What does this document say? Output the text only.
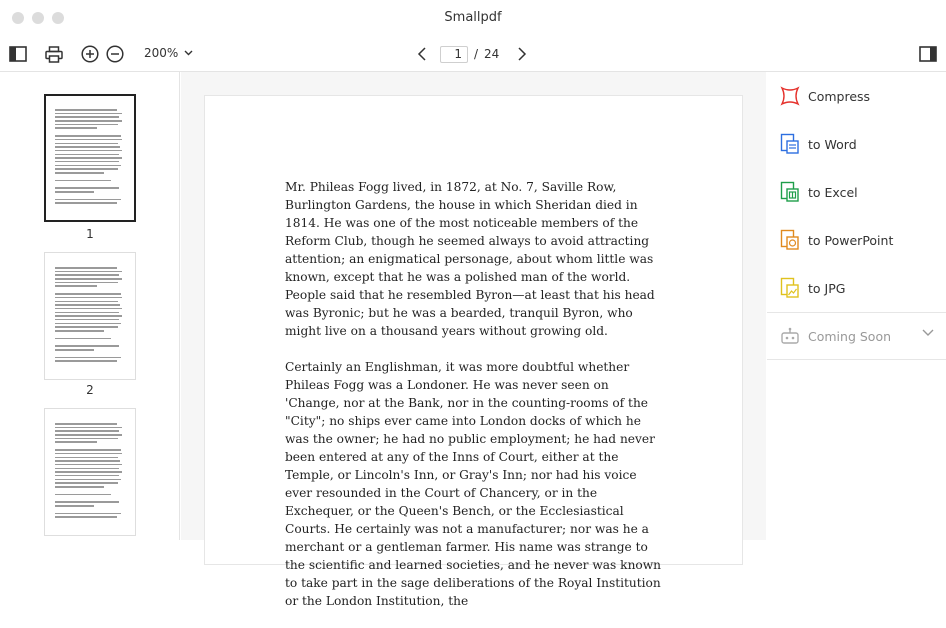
Smallpdf
200%
1	/ 24
1
2

Mr. Phileas Fogg lived, in 1872, at No. 7, Saville Row, Burlington Gardens, the house in which Sheridan died in 1814. He was one of the most noticeable members of the Reform Club, though he seemed always to avoid attracting attention; an enigmatical personage, about whom little was known, except that he was a polished man of the world. People said that he resembled Byron—at least that his head was Byronic; but he was a bearded, tranquil Byron, who might live on a thousand years without growing old.

Certainly an Englishman, it was more doubtful whether Phileas Fogg was a Londoner. He was never seen on 'Change, nor at the Bank, nor in the counting-rooms of the "City"; no ships ever came into London docks of which he was the owner; he had no public employment; he had never been entered at any of the Inns of Court, either at the Temple, or Lincoln's Inn, or Gray's Inn; nor had his voice ever resounded in the Court of Chancery, or in the Exchequer, or the Queen's Bench, or the Ecclesiastical Courts. He certainly was not a manufacturer; nor was he a merchant or a gentleman farmer. His name was strange to the scientific and learned societies, and he never was known to take part in the sage deliberations of the Royal Institution or the London Institution, the

Compress
to Word
to Excel
to PowerPoint
to JPG
Coming Soon
